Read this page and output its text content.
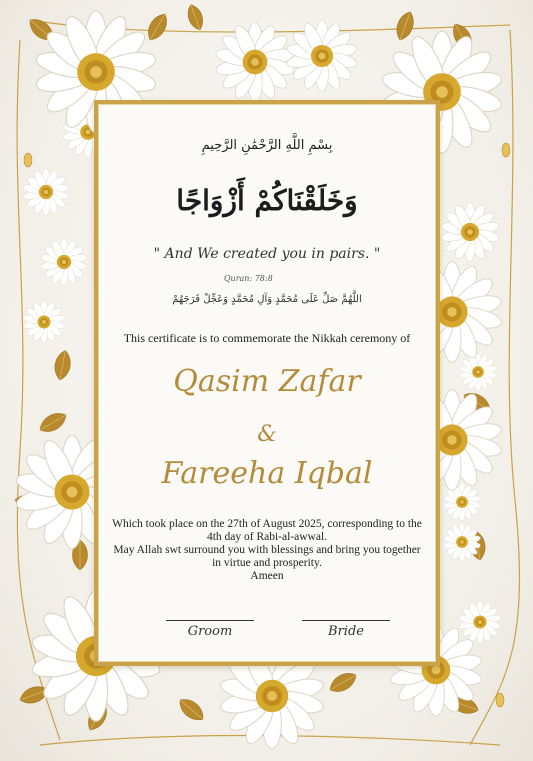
بِسْمِ اللَّهِ الرَّحْمَٰنِ الرَّحِيمِ
وَخَلَقْنَاكُمْ أَزْوَاجًا
" And We created you in pairs. "
Quran: 78:8
اللَّهُمَّ صَلِّ عَلَى مُحَمَّدٍ وَآلِ مُحَمَّدٍ وَعَجِّلْ فَرَجَهُمْ
This certificate is to commemorate the Nikkah ceremony of
Qasim Zafar
&
Fareeha Iqbal
Which took place on the 27th of August 2025, corresponding to the 4th day of Rabi-al-awwal.
May Allah swt surround you with blessings and bring you together in virtue and prosperity.
Ameen
Groom	Bride
